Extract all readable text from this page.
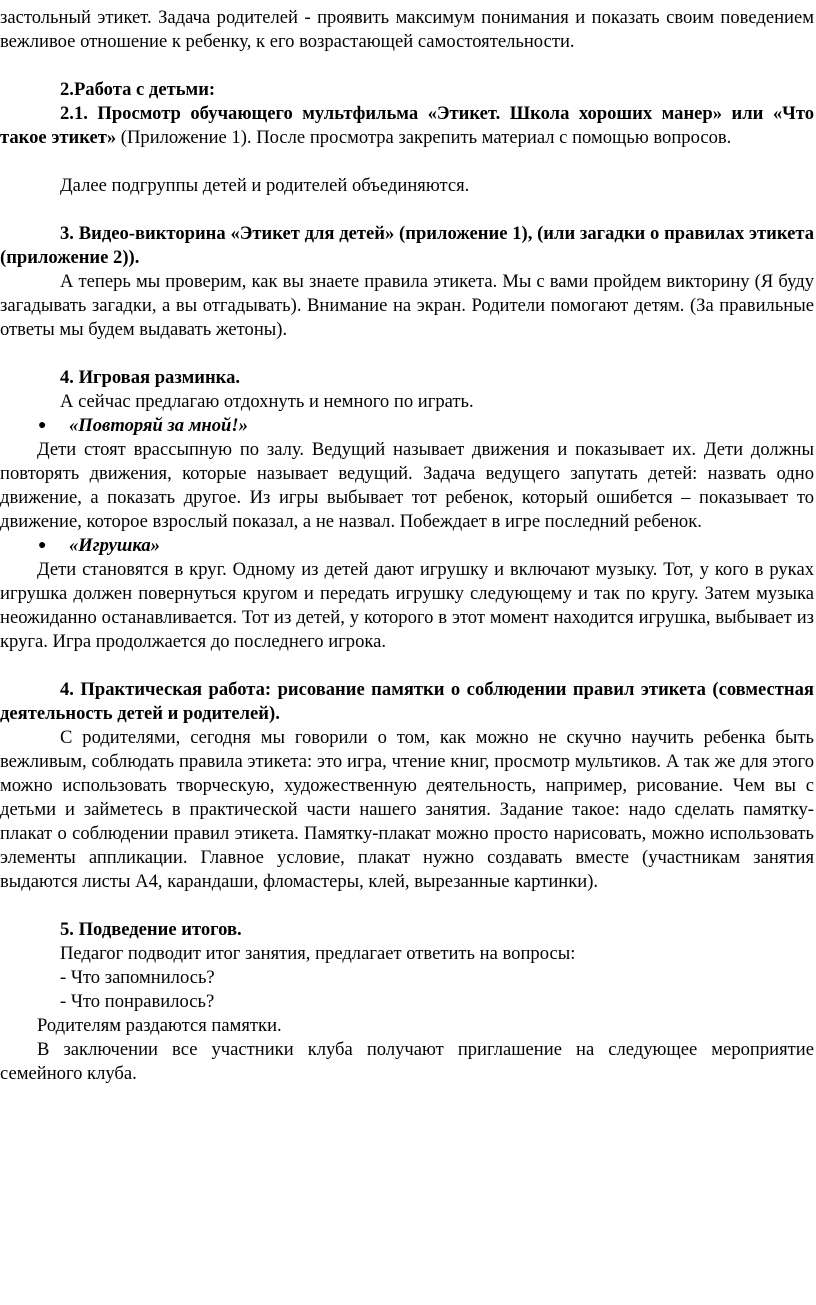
застольный этикет. Задача родителей - проявить максимум понимания и показать своим поведением вежливое отношение к ребенку, к его возрастающей самостоятельности.

2.Работа с детьми:

2.1. Просмотр обучающего мультфильма «Этикет. Школа хороших манер» или «Что такое этикет» (Приложение 1). После просмотра закрепить материал с помощью вопросов.

Далее подгруппы детей и родителей объединяются.

3. Видео-викторина «Этикет для детей» (приложение 1), (или загадки о правилах этикета (приложение 2)).

А теперь мы проверим, как вы знаете правила этикета. Мы с вами пройдем викторину (Я буду загадывать загадки, а вы отгадывать). Внимание на экран. Родители помогают детям. (За правильные ответы мы будем выдавать жетоны).

4. Игровая разминка.

А сейчас предлагаю отдохнуть и немного по играть.

● «Повторяй за мной!»

Дети стоят врассыпную по залу. Ведущий называет движения и показывает их. Дети должны повторять движения, которые называет ведущий. Задача ведущего запутать детей: назвать одно движение, а показать другое. Из игры выбывает тот ребенок, который ошибется – показывает то движение, которое взрослый показал, а не назвал. Побеждает в игре последний ребенок.

● «Игрушка»

Дети становятся в круг. Одному из детей дают игрушку и включают музыку. Тот, у кого в руках игрушка должен повернуться кругом и передать игрушку следующему и так по кругу. Затем музыка неожиданно останавливается. Тот из детей, у которого в этот момент находится игрушка, выбывает из круга. Игра продолжается до последнего игрока.

4. Практическая работа: рисование памятки о соблюдении правил этикета (совместная деятельность детей и родителей).

С родителями, сегодня мы говорили о том, как можно не скучно научить ребенка быть вежливым, соблюдать правила этикета: это игра, чтение книг, просмотр мультиков. А так же для этого можно использовать творческую, художественную деятельность, например, рисование. Чем вы с детьми и займетесь в практической части нашего занятия. Задание такое: надо сделать памятку-плакат о соблюдении правил этикета. Памятку-плакат можно просто нарисовать, можно использовать элементы аппликации. Главное условие, плакат нужно создавать вместе (участникам занятия выдаются листы А4, карандаши, фломастеры, клей, вырезанные картинки).

5. Подведение итогов.

Педагог подводит итог занятия, предлагает ответить на вопросы:

- Что запомнилось?

- Что понравилось?

Родителям раздаются памятки.

В заключении все участники клуба получают приглашение на следующее мероприятие семейного клуба.
